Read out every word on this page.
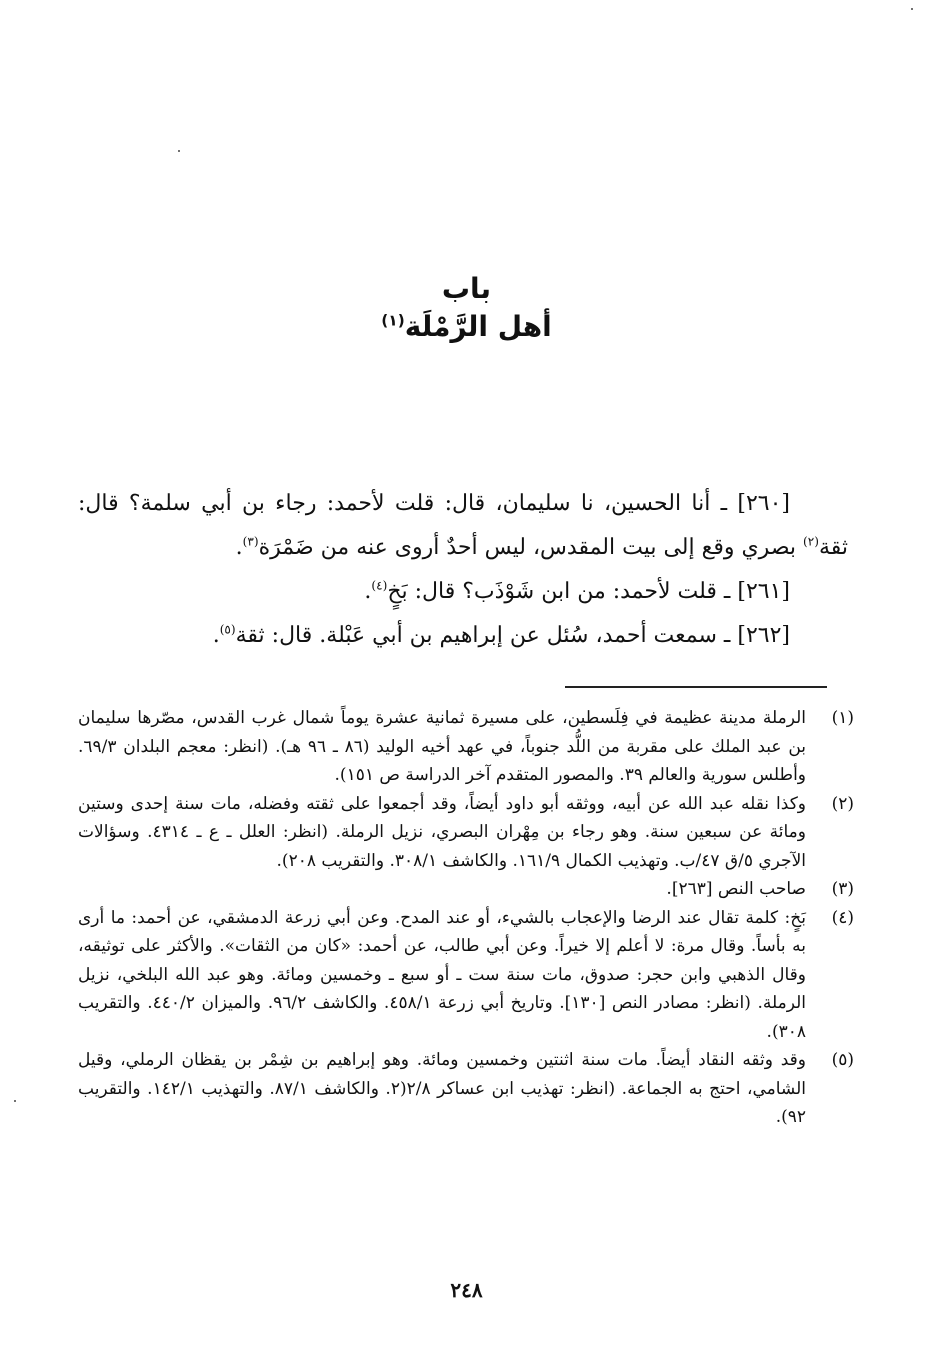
باب
أهل الرَّمْلَة$^{(١)}$

[٢٦٠] ـ أنا الحسين، نا سليمان، قال: قلت لأحمد: رجاء بن أبي سلمة؟ قال: ثقة$^{(٢)}$ بصري وقع إلى بيت المقدس، ليس أحدٌ أروى عنه من ضَمْرَة$^{(٣)}$.

[٢٦١] ـ قلت لأحمد: من ابن شَوْذَب؟ قال: بَخٍ$^{(٤)}$.

[٢٦٢] ـ سمعت أحمد، سُئل عن إبراهيم بن أبي عَبْلة. قال: ثقة$^{(٥)}$.

(١)
الرملة مدينة عظيمة في فِلَسطين، على مسيرة ثمانية عشرة يوماً شمال غرب القدس، مصّرها سليمان بن عبد الملك على مقربة من اللُّد جنوباً، في عهد أخيه الوليد (٨٦ ـ ٩٦ هـ). (انظر: معجم البلدان ٦٩/٣. وأطلس سورية والعالم ٣٩. والمصور المتقدم آخر الدراسة ص ١٥١).
(٢)
وكذا نقله عبد الله عن أبيه، ووثقه أبو داود أيضاً، وقد أجمعوا على ثقته وفضله، مات سنة إحدى وستين ومائة عن سبعين سنة. وهو رجاء بن مِهْران البصري، نزيل الرملة. (انظر: العلل ـ ع ـ ٤٣١٤. وسؤالات الآجري ٥/ق ٤٧/ب. وتهذيب الكمال ١٦١/٩. والكاشف ٣٠٨/١. والتقريب ٢٠٨).
(٣)
صاحب النص [٢٦٣].
(٤)
بَخٍ: كلمة تقال عند الرضا والإعجاب بالشيء، أو عند المدح. وعن أبي زرعة الدمشقي، عن أحمد: ما أرى به بأساً. وقال مرة: لا أعلم إلا خيراً. وعن أبي طالب، عن أحمد: «كان من الثقات». والأكثر على توثيقه، وقال الذهبي وابن حجر: صدوق، مات سنة ست ـ أو سبع ـ وخمسين ومائة. وهو عبد الله البلخي، نزيل الرملة. (انظر: مصادر النص [١٣٠]. وتاريخ أبي زرعة ٤٥٨/١. والكاشف ٩٦/٢. والميزان ٤٤٠/٢. والتقريب ٣٠٨).
(٥)
وقد وثقه النقاد أيضاً. مات سنة اثنتين وخمسين ومائة. وهو إبراهيم بن شِمْر بن يقظان الرملي، وقيل الشامي، احتج به الجماعة. (انظر: تهذيب ابن عساكر ٢/٨(٢. والكاشف ٨٧/١. والتهذيب ١٤٢/١. والتقريب ٩٢).
٢٤٨
